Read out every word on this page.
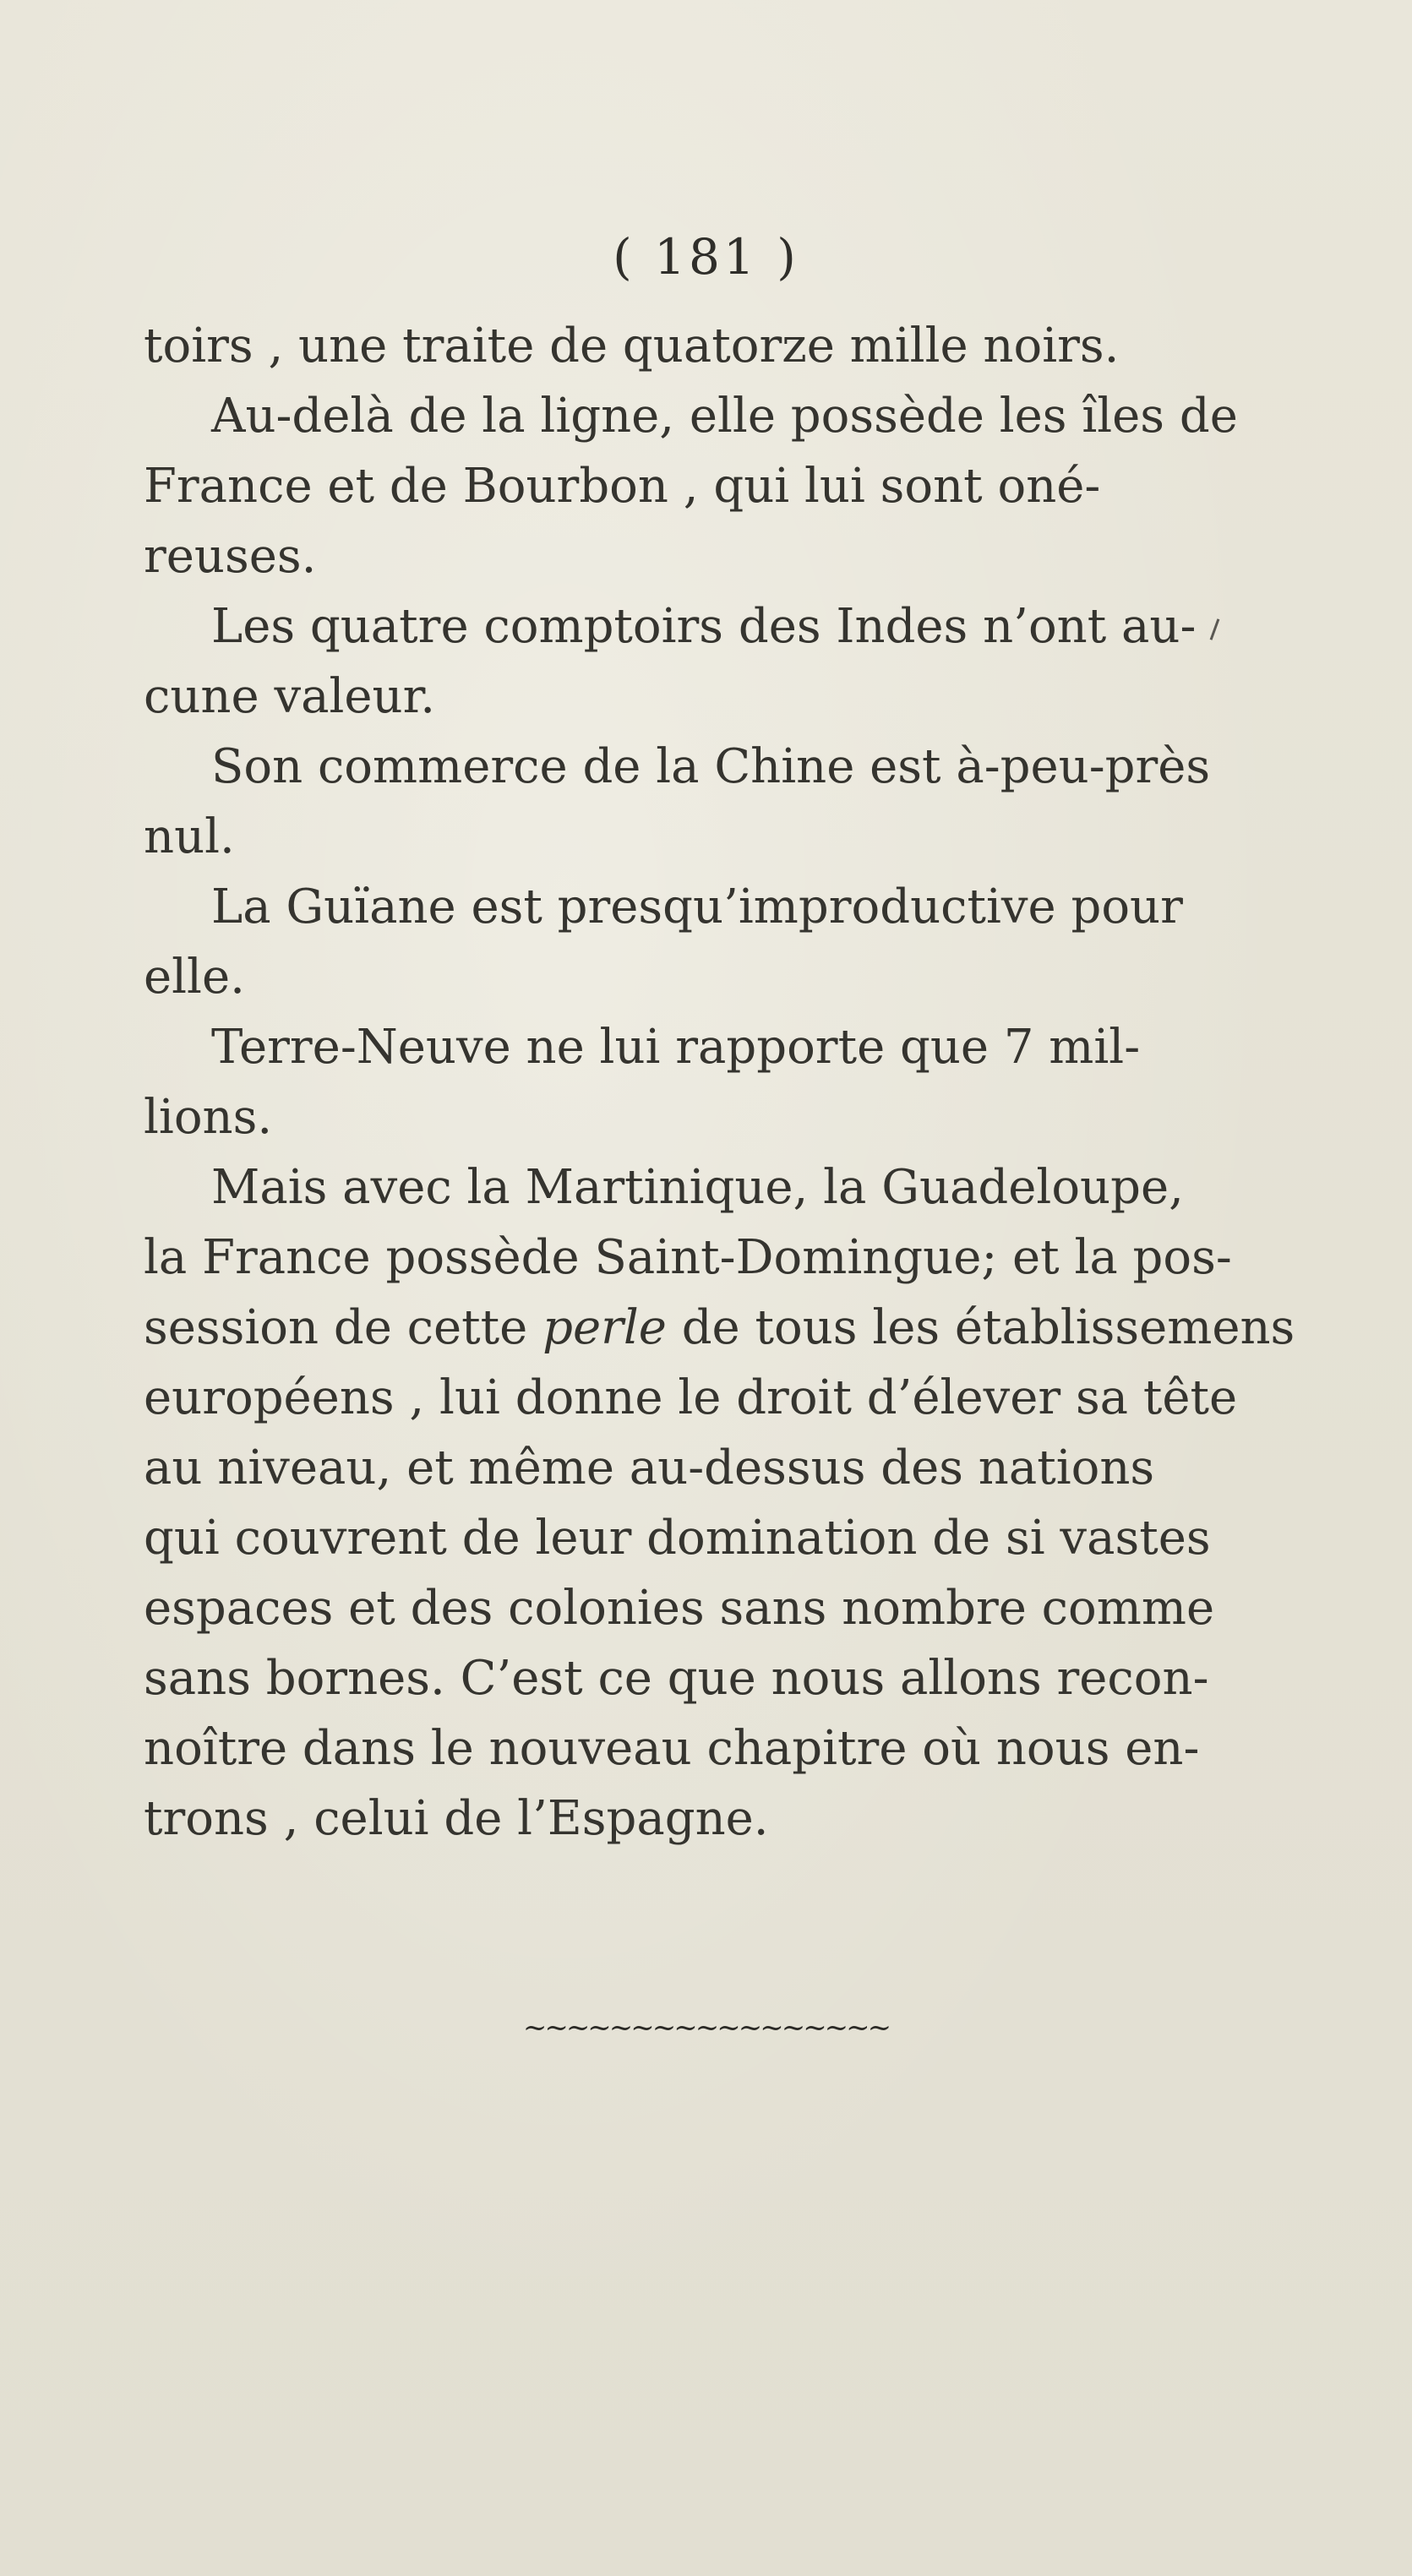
( 181 )
toirs , une traite de quatorze mille noirs.
Au-delà de la ligne, elle possède les îles de
France et de Bourbon , qui lui sont oné-
reuses.
Les quatre comptoirs des Indes n’ont au-
cune valeur.
Son commerce de la Chine est à-peu-près
nul.
La Guïane est presqu’improductive pour
elle.
Terre-Neuve ne lui rapporte que 7 mil-
lions.
Mais avec la Martinique, la Guadeloupe,
la France possède Saint-Domingue; et la pos-
session de cette perle de tous les établissemens
européens , lui donne le droit d’élever sa tête
au niveau, et même au-dessus des nations
qui couvrent de leur domination de si vastes
espaces et des colonies sans nombre comme
sans bornes. C’est ce que nous allons recon-
noître dans le nouveau chapitre où nous en-
trons , celui de l’Espagne.
~~~~~~~~~~~~~~~~~
